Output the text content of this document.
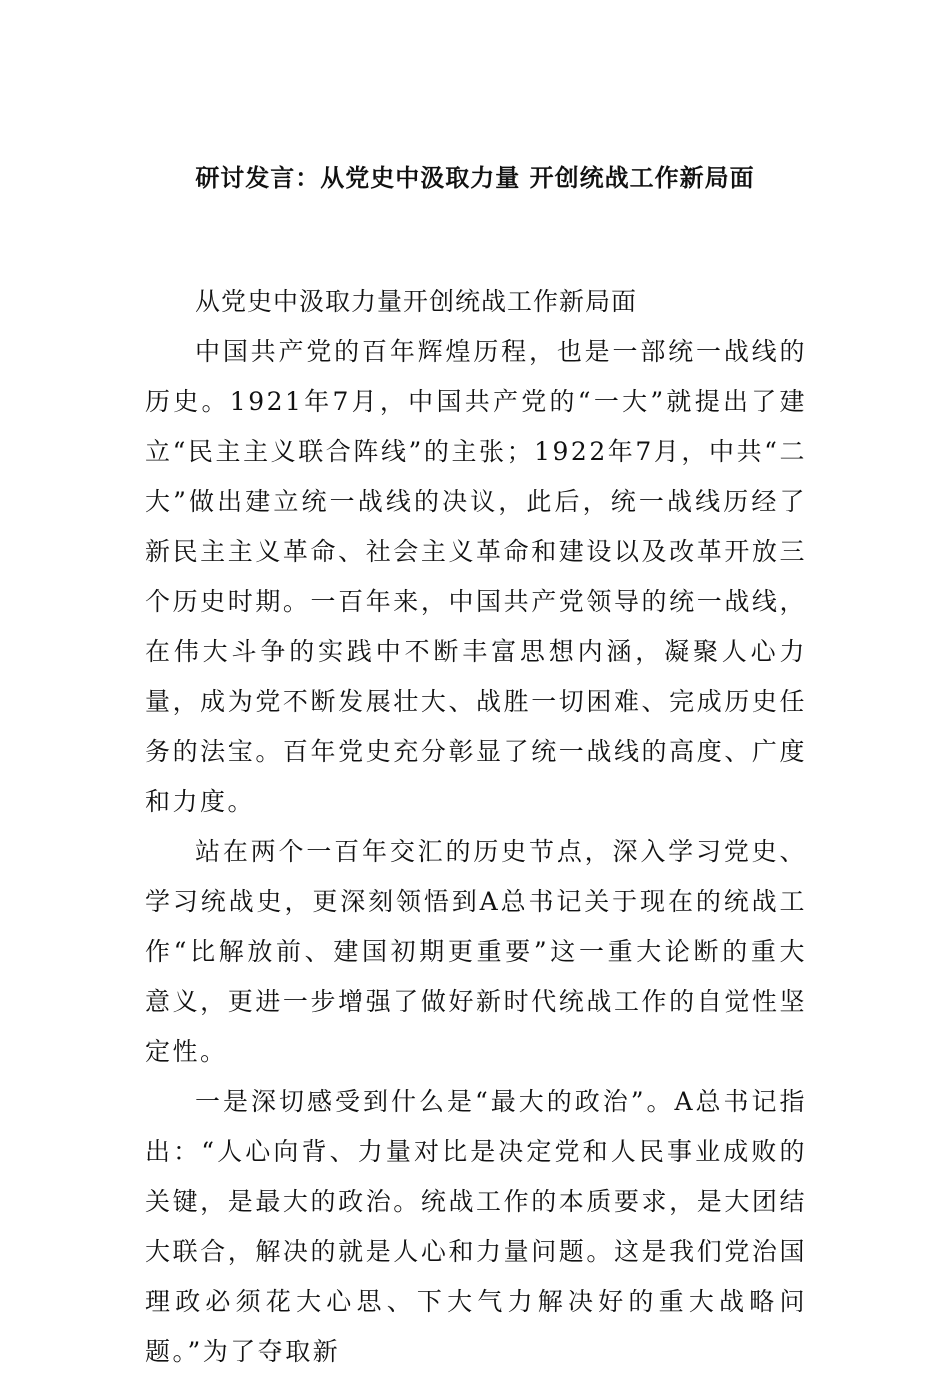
研讨发言：从党史中汲取力量 开创统战工作新局面

从党史中汲取力量开创统战工作新局面

中国共产党的百年辉煌历程，也是一部统一战线的历史。1921年7月，中国共产党的“一大”就提出了建立“民主主义联合阵线”的主张；1922年7月，中共“二大”做出建立统一战线的决议，此后，统一战线历经了新民主主义革命、社会主义革命和建设以及改革开放三个历史时期。一百年来，中国共产党领导的统一战线，在伟大斗争的实践中不断丰富思想内涵，凝聚人心力量，成为党不断发展壮大、战胜一切困难、完成历史任务的法宝。百年党史充分彰显了统一战线的高度、广度和力度。

站在两个一百年交汇的历史节点，深入学习党史、学习统战史，更深刻领悟到A总书记关于现在的统战工作“比解放前、建国初期更重要”这一重大论断的重大意义，更进一步增强了做好新时代统战工作的自觉性坚定性。

一是深切感受到什么是“最大的政治”。A总书记指出：“人心向背、力量对比是决定党和人民事业成败的关键，是最大的政治。统战工作的本质要求，是大团结大联合，解决的就是人心和力量问题。这是我们党治国理政必须花大心思、下大气力解决好的重大战略问题。”为了夺取新
